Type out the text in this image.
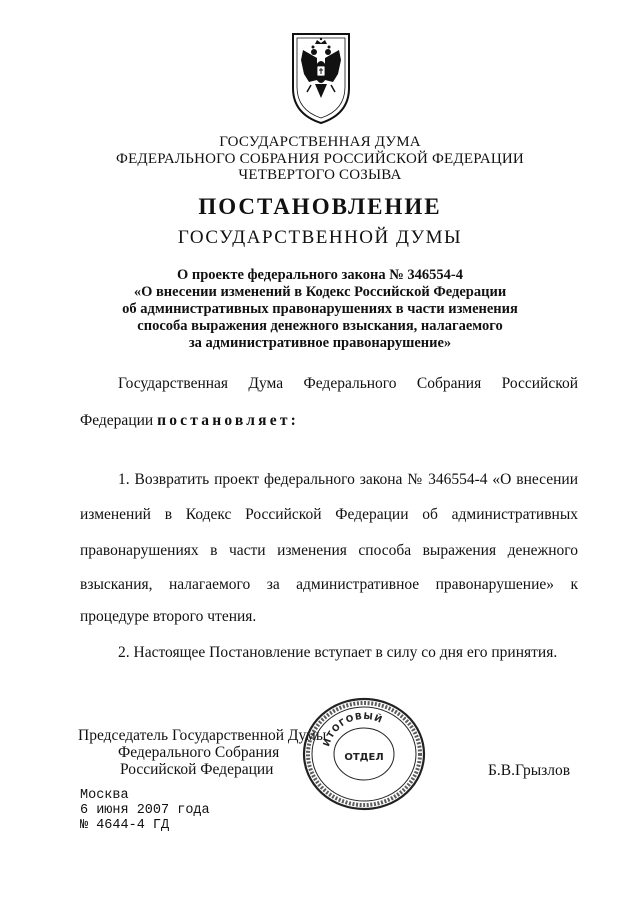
ГОСУДАРСТВЕННАЯ ДУМА
ФЕДЕРАЛЬНОГО СОБРАНИЯ РОССИЙСКОЙ ФЕДЕРАЦИИ
ЧЕТВЕРТОГО СОЗЫВА
ПОСТАНОВЛЕНИЕ
ГОСУДАРСТВЕННОЙ ДУМЫ
О проекте федерального закона № 346554-4
«О внесении изменений в Кодекс Российской Федерации
об административных правонарушениях в части изменения
способа выражения денежного взыскания, налагаемого
за административное правонарушение»
Государственная Дума Федерального Собрания Российской
Федерации постановляет:
1. Возвратить проект федерального закона № 346554-4 «О внесении
изменений в Кодекс Российской Федерации об административных
правонарушениях в части изменения способа выражения денежного
взыскания, налагаемого за административное правонарушение» к
процедуре второго чтения.
2. Настоящее Постановление вступает в силу со дня его принятия.
Председатель Государственной Думы
Федерального Собрания
Российской Федерации	Б.В.Грызлов
ИТОГОВЫЙ
ОТДЕЛ
Москва
6 июня 2007 года
№ 4644-4 ГД
